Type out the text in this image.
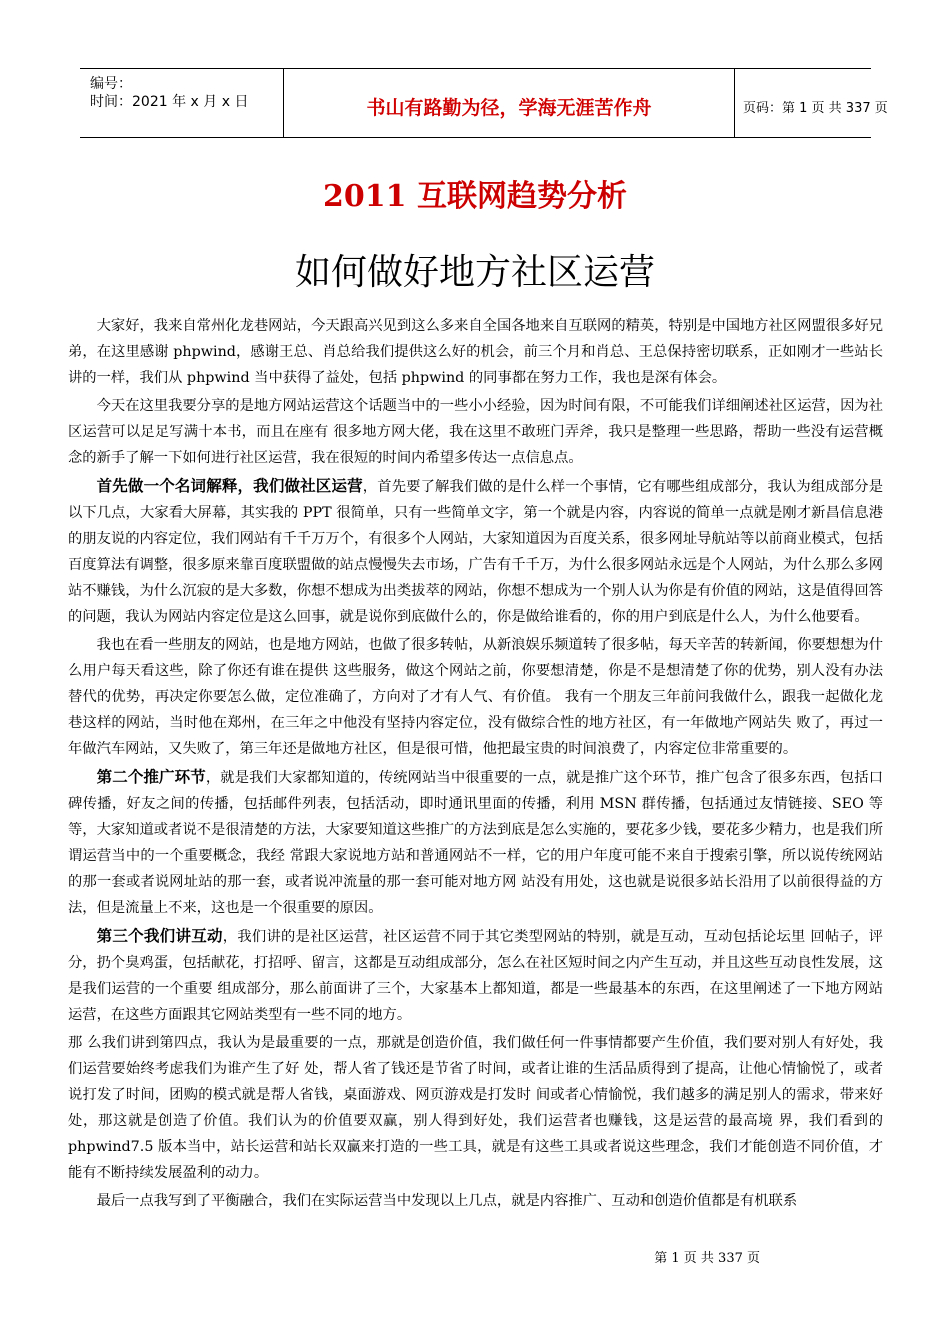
编号：
时间：2021 年 x 月 x 日	书山有路勤为径，学海无涯苦作舟	页码：第 1 页 共 337 页
2011 互联网趋势分析
如何做好地方社区运营

大家好，我来自常州化龙巷网站，今天跟高兴见到这么多来自全国各地来自互联网的精英，特别是中国地方社区网盟很多好兄弟，在这里感谢 phpwind，感谢王总、肖总给我们提供这么好的机会，前三个月和肖总、王总保持密切联系，正如刚才一些站长讲的一样，我们从 phpwind 当中获得了益处，包括 phpwind 的同事都在努力工作，我也是深有体会。

今天在这里我要分享的是地方网站运营这个话题当中的一些小小经验，因为时间有限，不可能我们详细阐述社区运营，因为社区运营可以足足写满十本书，而且在座有 很多地方网大佬，我在这里不敢班门弄斧，我只是整理一些思路，帮助一些没有运营概念的新手了解一下如何进行社区运营，我在很短的时间内希望多传达一点信息点。

首先做一个名词解释，我们做社区运营，首先要了解我们做的是什么样一个事情，它有哪些组成部分，我认为组成部分是以下几点，大家看大屏幕，其实我的 PPT 很简单，只有一些简单文字，第一个就是内容，内容说的简单一点就是刚才新昌信息港的朋友说的内容定位，我们网站有千千万万个，有很多个人网站，大家知道因为百度关系，很多网址导航站等以前商业模式，包括百度算法有调整，很多原来靠百度联盟做的站点慢慢失去市场，广告有千千万，为什么很多网站永远是个人网站，为什么那么多网站不赚钱，为什么沉寂的是大多数，你想不想成为出类拔萃的网站，你想不想成为一个别人认为你是有价值的网站，这是值得回答的问题，我认为网站内容定位是这么回事，就是说你到底做什么的，你是做给谁看的，你的用户到底是什么人，为什么他要看。

我也在看一些朋友的网站，也是地方网站，也做了很多转帖，从新浪娱乐频道转了很多帖，每天辛苦的转新闻，你要想想为什么用户每天看这些，除了你还有谁在提供 这些服务，做这个网站之前，你要想清楚，你是不是想清楚了你的优势，别人没有办法替代的优势，再决定你要怎么做，定位准确了，方向对了才有人气、有价值。 我有一个朋友三年前问我做什么，跟我一起做化龙巷这样的网站，当时他在郑州，在三年之中他没有坚持内容定位，没有做综合性的地方社区，有一年做地产网站失 败了，再过一年做汽车网站，又失败了，第三年还是做地方社区，但是很可惜，他把最宝贵的时间浪费了，内容定位非常重要的。

第二个推广环节，就是我们大家都知道的，传统网站当中很重要的一点，就是推广这个环节，推广包含了很多东西，包括口碑传播，好友之间的传播，包括邮件列表，包括活动，即时通讯里面的传播，利用 MSN 群传播，包括通过友情链接、SEO 等 等，大家知道或者说不是很清楚的方法，大家要知道这些推广的方法到底是怎么实施的，要花多少钱，要花多少精力，也是我们所谓运营当中的一个重要概念，我经 常跟大家说地方站和普通网站不一样，它的用户年度可能不来自于搜索引擎，所以说传统网站的那一套或者说网址站的那一套，或者说冲流量的那一套可能对地方网 站没有用处，这也就是说很多站长沿用了以前很得益的方法，但是流量上不来，这也是一个很重要的原因。

第三个我们讲互动，我们讲的是社区运营，社区运营不同于其它类型网站的特别，就是互动，互动包括论坛里 回帖子，评分，扔个臭鸡蛋，包括献花，打招呼、留言，这都是互动组成部分，怎么在社区短时间之内产生互动，并且这些互动良性发展，这是我们运营的一个重要 组成部分，那么前面讲了三个，大家基本上都知道，都是一些最基本的东西，在这里阐述了一下地方网站运营，在这些方面跟其它网站类型有一些不同的地方。

那 么我们讲到第四点，我认为是最重要的一点，那就是创造价值，我们做任何一件事情都要产生价值，我们要对别人有好处，我们运营要始终考虑我们为谁产生了好 处，帮人省了钱还是节省了时间，或者让谁的生活品质得到了提高，让他心情愉悦了，或者说打发了时间，团购的模式就是帮人省钱，桌面游戏、网页游戏是打发时 间或者心情愉悦，我们越多的满足别人的需求，带来好处，那这就是创造了价值。我们认为的价值要双赢，别人得到好处，我们运营者也赚钱，这是运营的最高境 界，我们看到的 phpwind7.5 版本当中，站长运营和站长双赢来打造的一些工具，就是有这些工具或者说这些理念，我们才能创造不同价值，才能有不断持续发展盈利的动力。

最后一点我写到了平衡融合，我们在实际运营当中发现以上几点，就是内容推广、互动和创造价值都是有机联系

第 1 页 共 337 页
